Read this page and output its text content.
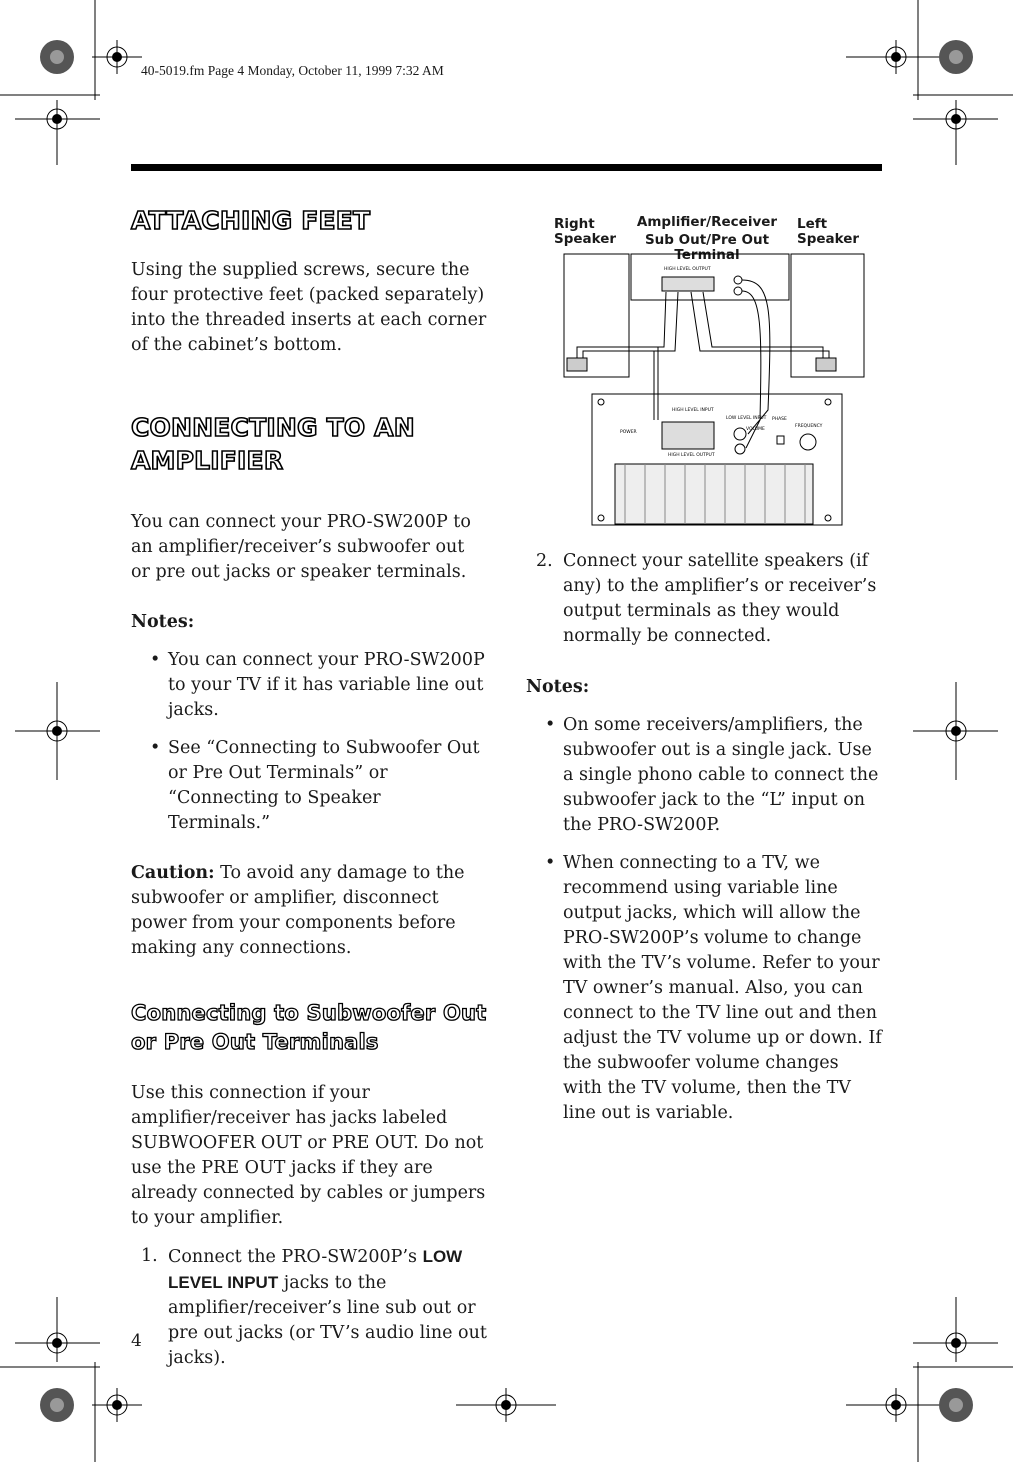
40-5019.fm Page 4 Monday, October 11, 1999 7:32 AM
ATTACHING FEET

Using the supplied screws, secure the four protective feet (packed separately) into the threaded inserts at each corner of the cabinet’s bottom.

CONNECTING TO AN
AMPLIFIER

You can connect your PRO-SW200P to an amplifier/receiver’s subwoofer out or pre out jacks or speaker terminals.

Notes:

• You can connect your PRO-SW200P to your TV if it has variable line out jacks.
• See “Connecting to Subwoofer Out or Pre Out Terminals” or “Connecting to Speaker Terminals.”

Caution: To avoid any damage to the subwoofer or amplifier, disconnect power from your components before making any connections.

Connecting to Subwoofer Out
or Pre Out Terminals

Use this connection if your amplifier/receiver has jacks labeled SUBWOOFER OUT or PRE OUT. Do not use the PRE OUT jacks if they are already connected by cables or jumpers to your amplifier.

1. Connect the PRO-SW200P’s LOW LEVEL INPUT jacks to the amplifier/receiver’s line sub out or pre out jacks (or TV’s audio line out jacks).
Right
Speaker
Amplifier/Receiver
Sub Out/Pre Out Terminal
Left
Speaker
HIGH LEVEL OUTPUT
HIGH LEVEL INPUT
HIGH LEVEL OUTPUT
POWER
LOW LEVEL INPUT PHASE
FREQUENCY
VOLUME
2. Connect your satellite speakers (if any) to the amplifier’s or receiver’s output terminals as they would normally be connected.

Notes:

• On some receivers/amplifiers, the subwoofer out is a single jack. Use a single phono cable to connect the subwoofer jack to the “L” input on the PRO-SW200P.
• When connecting to a TV, we recommend using variable line output jacks, which will allow the PRO-SW200P’s volume to change with the TV’s volume. Refer to your TV owner’s manual. Also, you can connect to the TV line out and then adjust the TV volume up or down. If the subwoofer volume changes with the TV volume, then the TV line out is variable.
4
